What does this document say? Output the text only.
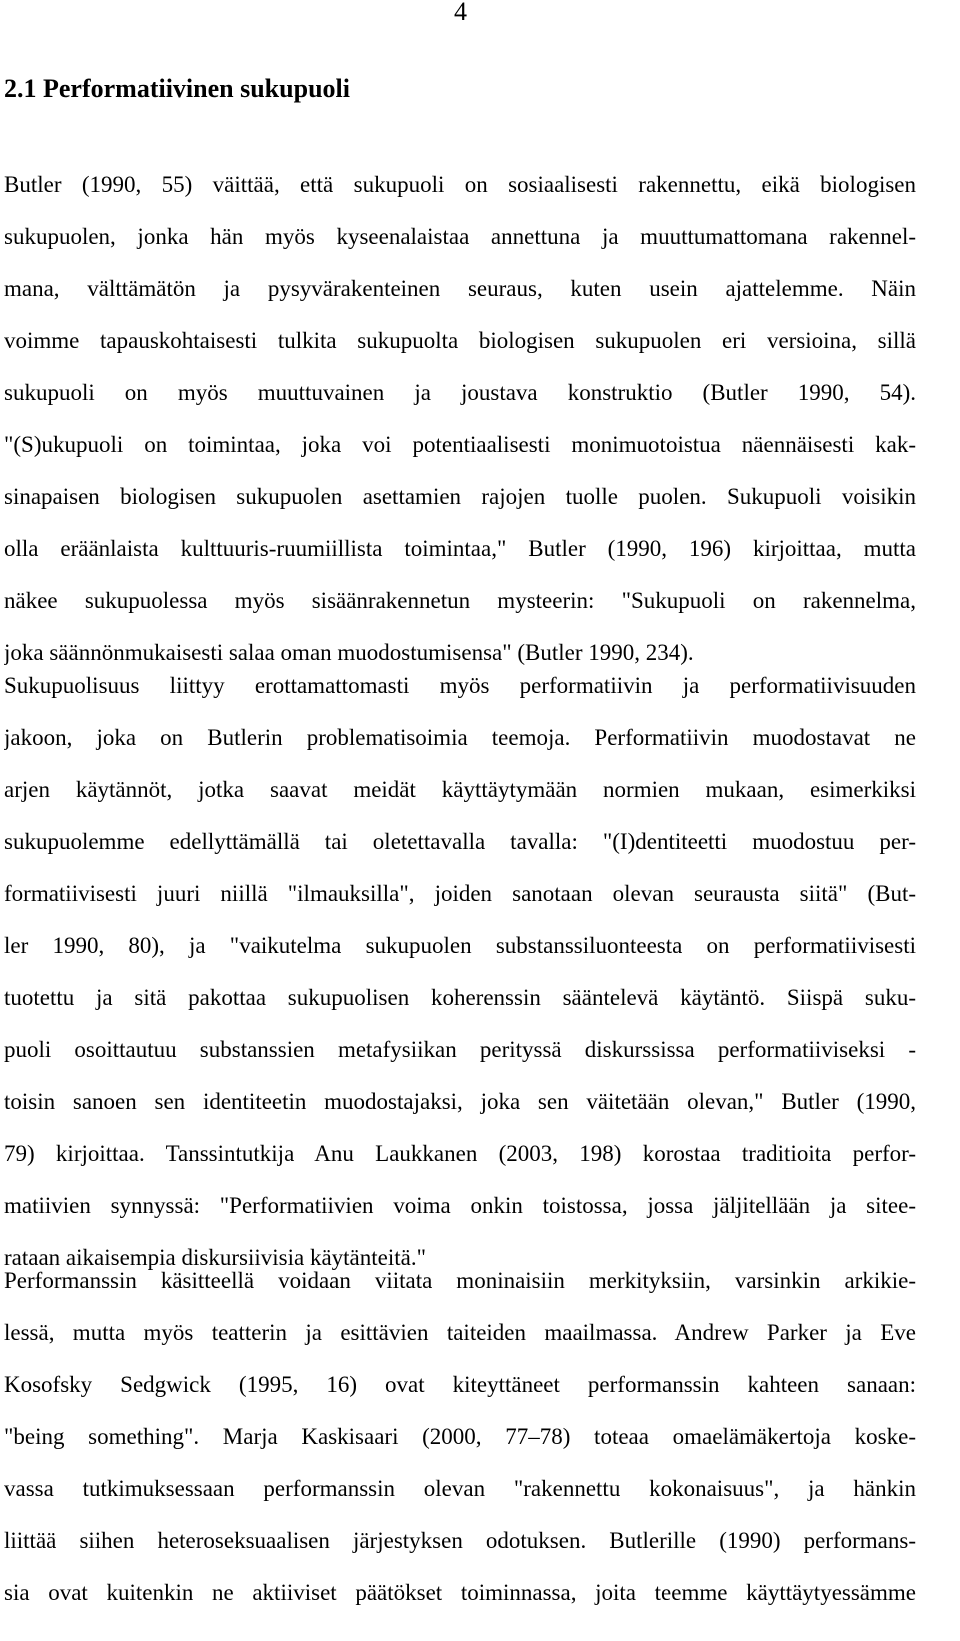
4
2.1 Performatiivinen sukupuoli
Butler (1990, 55) väittää, että sukupuoli on sosiaalisesti rakennettu, eikä biologisen
sukupuolen, jonka hän myös kyseenalaistaa annettuna ja muuttumattomana rakennel-
mana, välttämätön ja pysyvärakenteinen seuraus, kuten usein ajattelemme. Näin
voimme tapauskohtaisesti tulkita sukupuolta biologisen sukupuolen eri versioina, sillä
sukupuoli on myös muuttuvainen ja joustava konstruktio (Butler 1990, 54).
"(S)ukupuoli on toimintaa, joka voi potentiaalisesti monimuotoistua näennäisesti kak-
sinapaisen biologisen sukupuolen asettamien rajojen tuolle puolen. Sukupuoli voisikin
olla eräänlaista kulttuuris-ruumiillista toimintaa," Butler (1990, 196) kirjoittaa, mutta
näkee sukupuolessa myös sisäänrakennetun mysteerin: "Sukupuoli on rakennelma,
joka säännönmukaisesti salaa oman muodostumisensa" (Butler 1990, 234).
Sukupuolisuus liittyy erottamattomasti myös performatiivin ja performatiivisuuden
jakoon, joka on Butlerin problematisoimia teemoja. Performatiivin muodostavat ne
arjen käytännöt, jotka saavat meidät käyttäytymään normien mukaan, esimerkiksi
sukupuolemme edellyttämällä tai oletettavalla tavalla: "(I)dentiteetti muodostuu per-
formatiivisesti juuri niillä "ilmauksilla", joiden sanotaan olevan seurausta siitä" (But-
ler 1990, 80), ja "vaikutelma sukupuolen substanssiluonteesta on performatiivisesti
tuotettu ja sitä pakottaa sukupuolisen koherenssin sääntelevä käytäntö. Siispä suku-
puoli osoittautuu substanssien metafysiikan perityssä diskurssissa performatiiviseksi -
toisin sanoen sen identiteetin muodostajaksi, joka sen väitetään olevan," Butler (1990,
79) kirjoittaa. Tanssintutkija Anu Laukkanen (2003, 198) korostaa traditioita perfor-
matiivien synnyssä: "Performatiivien voima onkin toistossa, jossa jäljitellään ja siteе-
rataan aikaisempia diskursiivisia käytänteitä."
Performanssin käsitteellä voidaan viitata moninaisiin merkityksiin, varsinkin arkikie-
lessä, mutta myös teatterin ja esittävien taiteiden maailmassa. Andrew Parker ja Eve
Kosofsky Sedgwick (1995, 16) ovat kiteyttäneet performanssin kahteen sanaan:
"being something". Marja Kaskisaari (2000, 77–78) toteaa omaelämäkertoja koske-
vassa tutkimuksessaan performanssin olevan "rakennettu kokonaisuus", ja hänkin
liittää siihen heteroseksuaalisen järjestyksen odotuksen. Butlerille (1990) performans-
sia ovat kuitenkin ne aktiiviset päätökset toiminnassa, joita teemme käyttäytyessämme
